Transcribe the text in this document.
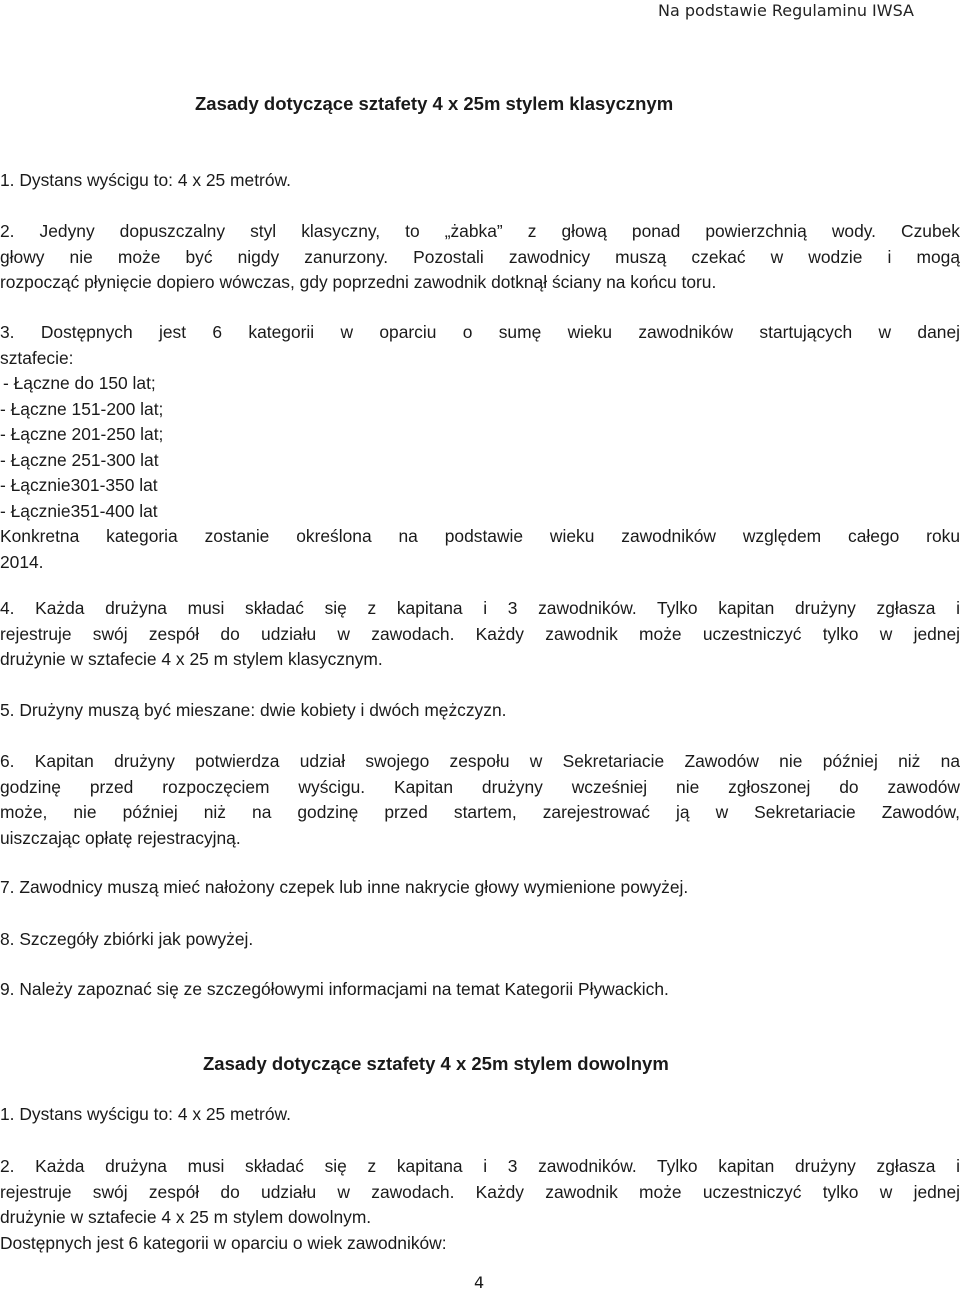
Na podstawie Regulaminu IWSA
Zasady dotyczące sztafety 4 x 25m stylem klasycznym
1. Dystans wyścigu to: 4 x 25 metrów.
2. Jedyny dopuszczalny styl klasyczny, to „żabka” z głową ponad powierzchnią wody. Czubek
głowy nie może być nigdy zanurzony. Pozostali zawodnicy muszą czekać w wodzie i mogą
rozpocząć płynięcie dopiero wówczas, gdy poprzedni zawodnik dotknął ściany na końcu toru.
3. Dostępnych jest 6 kategorii w oparciu o sumę wieku zawodników startujących w danej
sztafecie:
- Łączne do 150 lat;
- Łączne 151-200 lat;
- Łączne 201-250 lat;
- Łączne 251-300 lat
- Łącznie301-350 lat
- Łącznie351-400 lat
Konkretna kategoria zostanie określona na podstawie wieku zawodników względem całego roku
2014.
4. Każda drużyna musi składać się z kapitana i 3 zawodników. Tylko kapitan drużyny zgłasza i
rejestruje swój zespół do udziału w zawodach. Każdy zawodnik może uczestniczyć tylko w jednej
drużynie w sztafecie 4 x 25 m stylem klasycznym.
5. Drużyny muszą być mieszane: dwie kobiety i dwóch mężczyzn.
6. Kapitan drużyny potwierdza udział swojego zespołu w Sekretariacie Zawodów nie później niż na
godzinę przed rozpoczęciem wyścigu. Kapitan drużyny wcześniej nie zgłoszonej do zawodów
może, nie później niż na godzinę przed startem, zarejestrować ją w Sekretariacie Zawodów,
uiszczając opłatę rejestracyjną.
7. Zawodnicy muszą mieć nałożony czepek lub inne nakrycie głowy wymienione powyżej.
8. Szczegóły zbiórki jak powyżej.
9. Należy zapoznać się ze szczegółowymi informacjami na temat Kategorii Pływackich.
Zasady dotyczące sztafety 4 x 25m stylem dowolnym
1. Dystans wyścigu to: 4 x 25 metrów.
2. Każda drużyna musi składać się z kapitana i 3 zawodników. Tylko kapitan drużyny zgłasza i
rejestruje swój zespół do udziału w zawodach. Każdy zawodnik może uczestniczyć tylko w jednej
drużynie w sztafecie 4 x 25 m stylem dowolnym.
Dostępnych jest 6 kategorii w oparciu o wiek zawodników:
4
